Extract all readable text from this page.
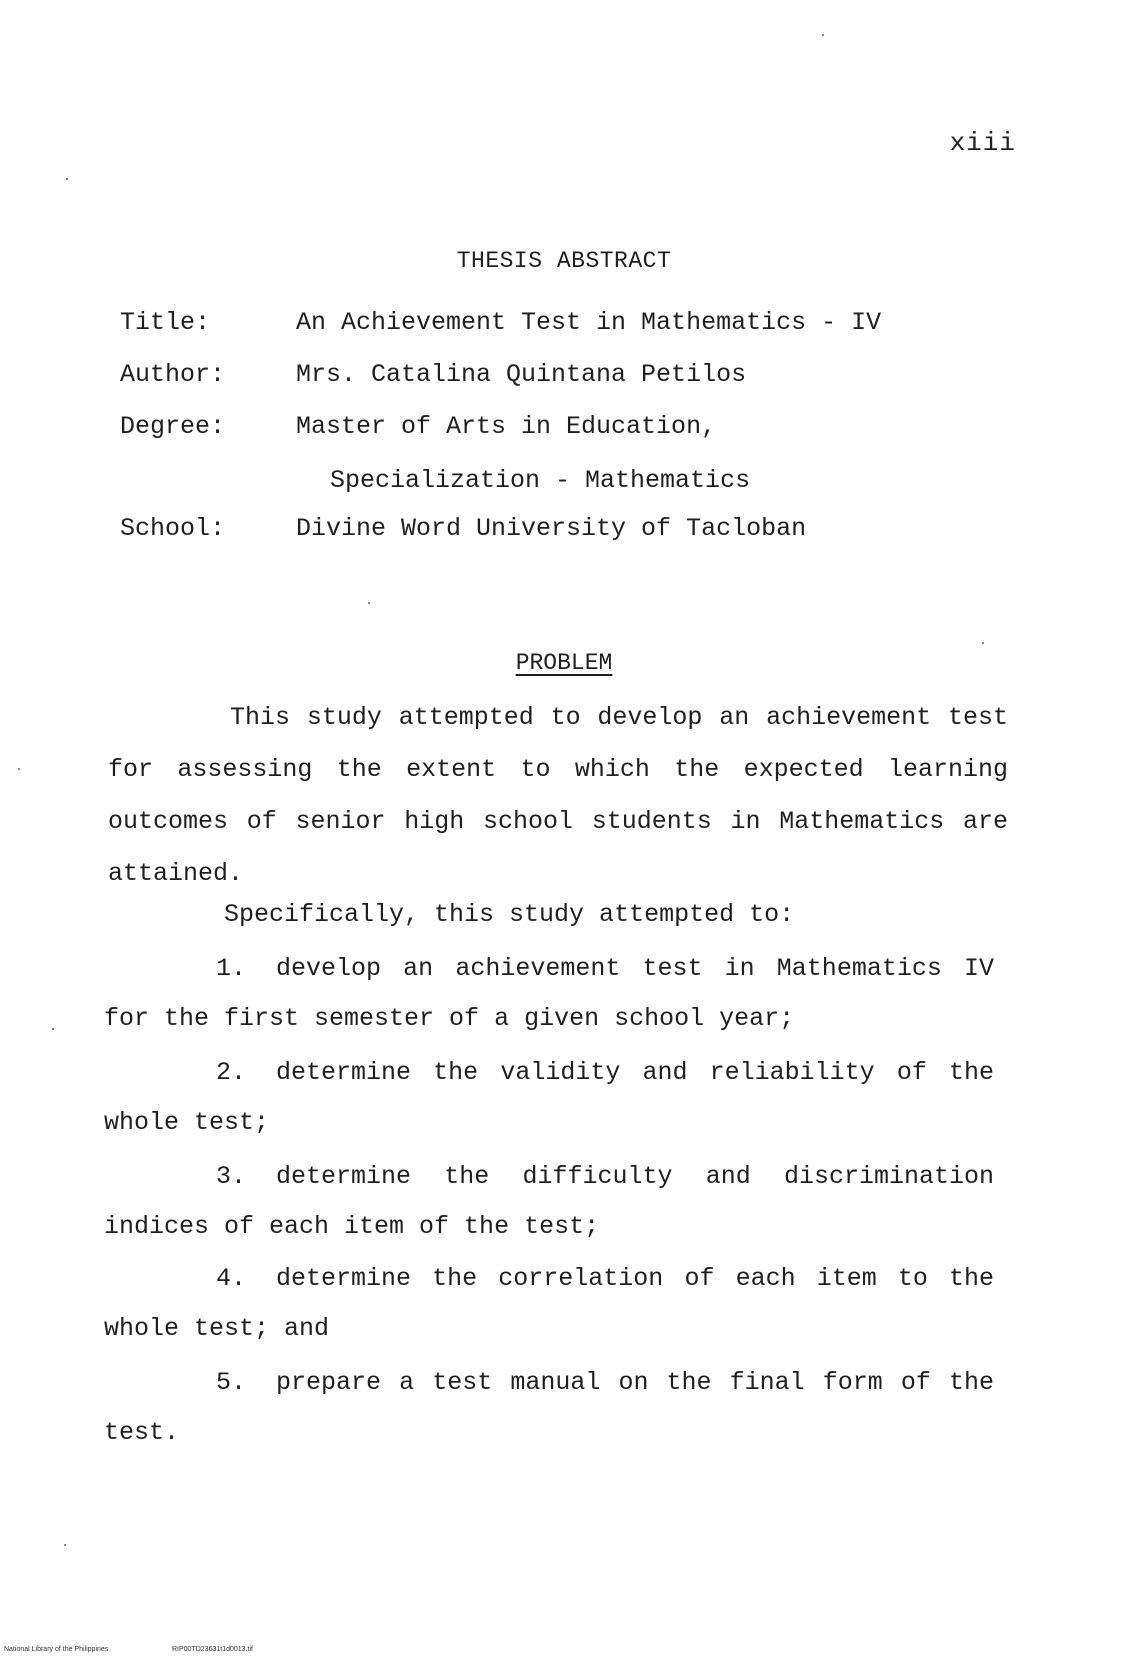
xiii
THESIS ABSTRACT
Title:	An Achievement Test in Mathematics - IV
Author:	Mrs. Catalina Quintana Petilos
Degree:	Master of Arts in Education,
Specialization - Mathematics
School:	Divine Word University of Tacloban
PROBLEM
This study attempted to develop an achievement test for assessing the extent to which the expected learning outcomes of senior high school students in Mathematics are attained.
Specifically, this study attempted to:
1. develop an achievement test in Mathematics IV for the first semester of a given school year;
2. determine the validity and reliability of the whole test;
3. determine the difficulty and discrimination indices of each item of the test;
4. determine the correlation of each item to the whole test; and
5. prepare a test manual on the final form of the test.
National Library of the Philippines	RIP00TD23631t1d0013.tif
